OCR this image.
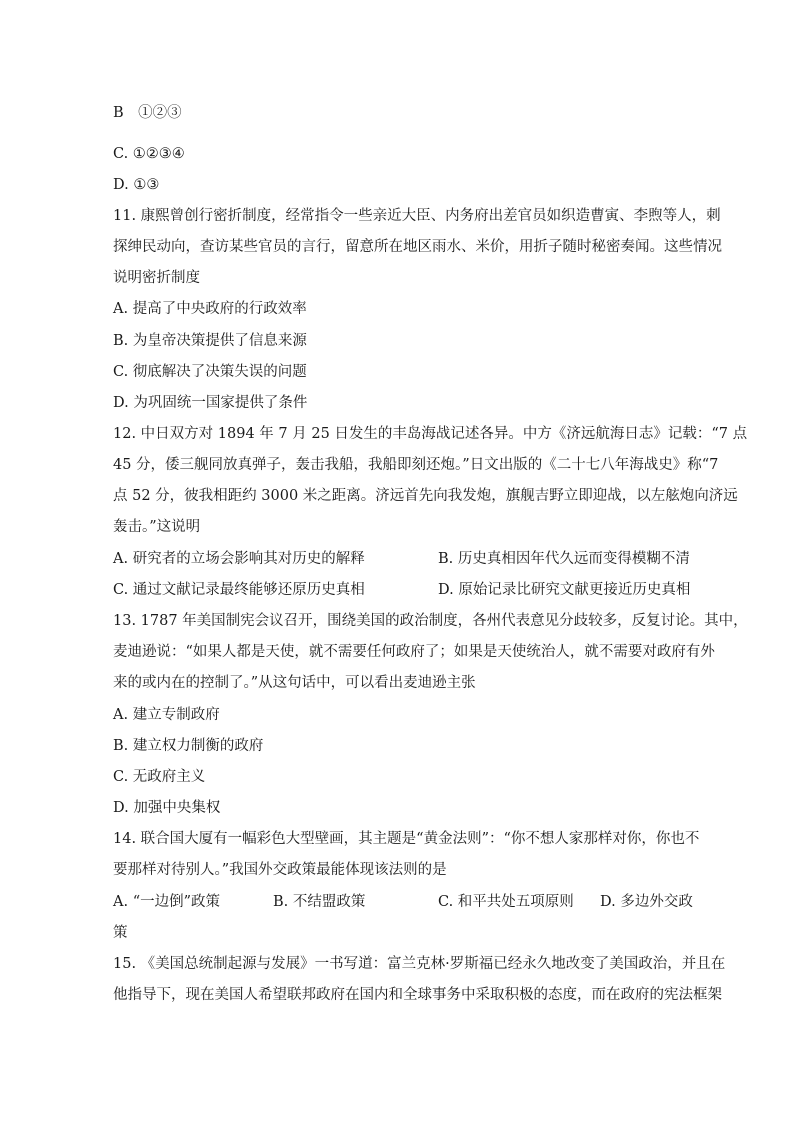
B　①②③
C. ①②③④
D. ①③
11. 康熙曾创行密折制度，经常指令一些亲近大臣、内务府出差官员如织造曹寅、李煦等人，刺
探绅民动向，查访某些官员的言行，留意所在地区雨水、米价，用折子随时秘密奏闻。这些情况
说明密折制度
A. 提高了中央政府的行政效率
B. 为皇帝决策提供了信息来源
C. 彻底解决了决策失误的问题
D. 为巩固统一国家提供了条件
12. 中日双方对 1894 年 7 月 25 日发生的丰岛海战记述各异。中方《济远航海日志》记载：“7 点
45 分，倭三舰同放真弹子，轰击我船，我船即刻还炮。”日文出版的《二十七八年海战史》称“7
点 52 分，彼我相距约 3000 米之距离。济远首先向我发炮，旗舰吉野立即迎战，以左舷炮向济远
轰击。”这说明
A. 研究者的立场会影响其对历史的解释	B. 历史真相因年代久远而变得模糊不清
C. 通过文献记录最终能够还原历史真相	D. 原始记录比研究文献更接近历史真相
13. 1787 年美国制宪会议召开，围绕美国的政治制度，各州代表意见分歧较多，反复讨论。其中，
麦迪逊说：“如果人都是天使，就不需要任何政府了；如果是天使统治人，就不需要对政府有外
来的或内在的控制了。”从这句话中，可以看出麦迪逊主张
A. 建立专制政府
B. 建立权力制衡的政府
C. 无政府主义
D. 加强中央集权
14. 联合国大厦有一幅彩色大型壁画，其主题是“黄金法则”：“你不想人家那样对你，你也不
要那样对待别人。”我国外交政策最能体现该法则的是
A. “一边倒”政策	B. 不结盟政策	C. 和平共处五项原则 D. 多边外交政
策
15. 《美国总统制起源与发展》一书写道：富兰克林·罗斯福已经永久地改变了美国政治，并且在
他指导下，现在美国人希望联邦政府在国内和全球事务中采取积极的态度，而在政府的宪法框架
